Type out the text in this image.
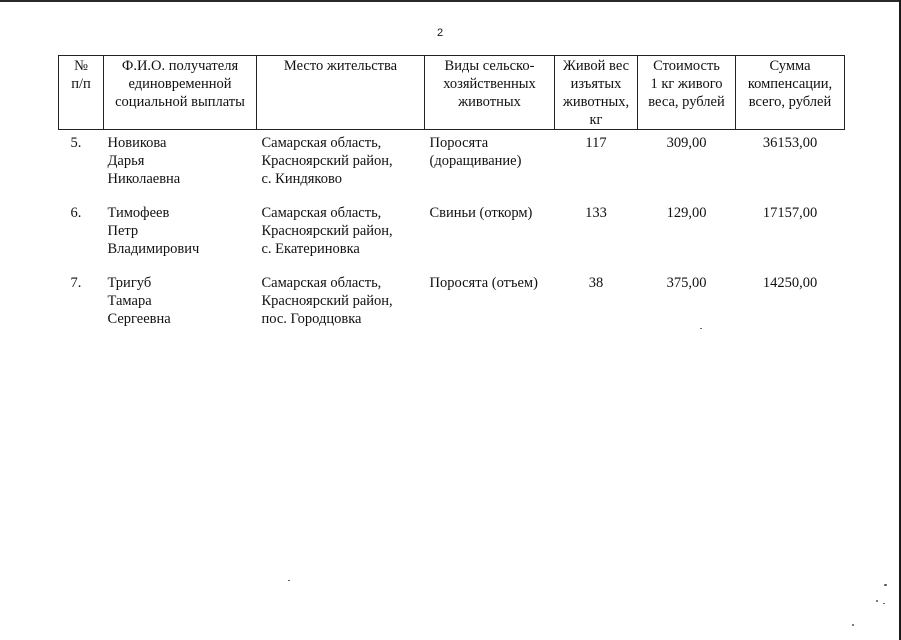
2
№
п/п	Ф.И.О. получателя
единовременной
социальной выплаты	Место жительства	Виды сельско-
хозяйственных
животных	Живой вес
изъятых
животных,
кг	Стоимость
1 кг живого
веса, рублей	Сумма
компенсации,
всего, рублей
5.	Новикова
Дарья
Николаевна	Самарская область,
Красноярский район,
с. Киндяково	Поросята
(доращивание)	117	309,00	36153,00
6.	Тимофеев
Петр
Владимирович	Самарская область,
Красноярский район,
с. Екатериновка	Свиньи (откорм)	133	129,00	17157,00
7.	Тригуб
Тамара
Сергеевна	Самарская область,
Красноярский район,
пос. Городцовка	Поросята (отъем)	38	375,00	14250,00
